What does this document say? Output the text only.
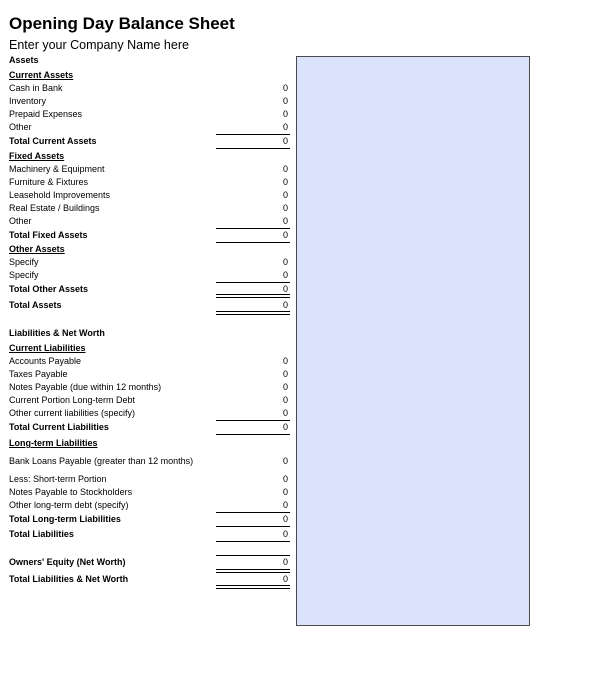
Opening Day Balance Sheet
Enter your Company Name here
Assets
Current Assets
Cash in Bank	0
Inventory	0
Prepaid Expenses	0
Other	0
Total Current Assets	0
Fixed Assets
Machinery & Equipment	0
Furniture & Fixtures	0
Leasehold Improvements	0
Real Estate / Buildings	0
Other	0
Total Fixed Assets	0
Other Assets
Specify	0
Specify	0
Total Other Assets	0
Total Assets	0
Liabilities & Net Worth
Current Liabilities
Accounts Payable	0
Taxes Payable	0
Notes Payable (due within 12 months)	0
Current Portion Long-term Debt	0
Other current liabilities (specify)	0
Total Current Liabilities	0
Long-term Liabilities
Bank Loans Payable (greater than 12 months)	0
Less: Short-term Portion	0
Notes Payable to Stockholders	0
Other long-term debt (specify)	0
Total Long-term Liabilities	0
Total Liabilities	0
Owners' Equity (Net Worth)	0
Total Liabilities & Net Worth	0
